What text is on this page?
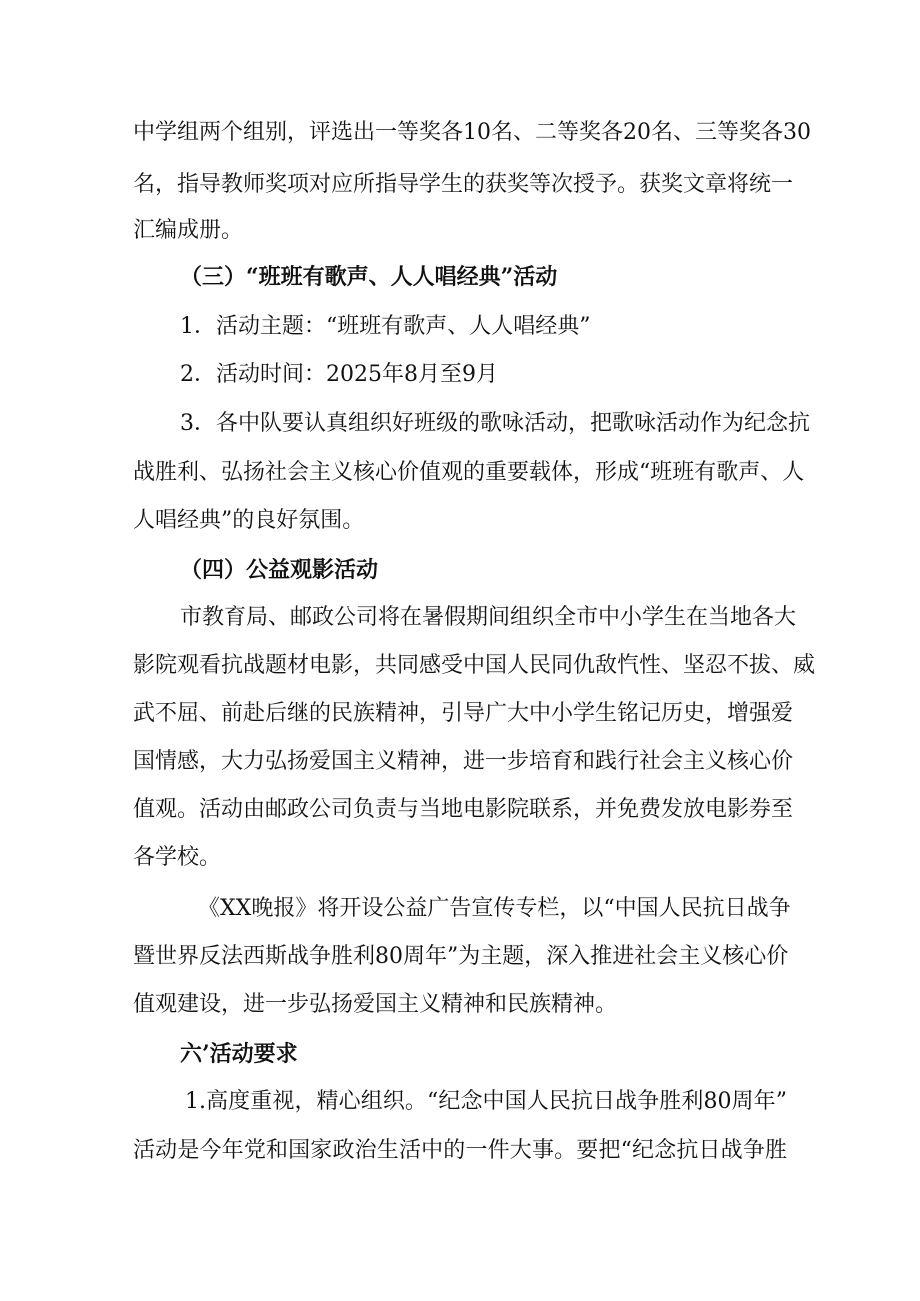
中学组两个组别，评选出一等奖各10名、二等奖各20名、三等奖各30
名，指导教师奖项对应所指导学生的获奖等次授予。获奖文章将统一
汇编成册。
（三）“班班有歌声、人人唱经典”活动
1．活动主题：“班班有歌声、人人唱经典”
2．活动时间：2025年8月至9月
3．各中队要认真组织好班级的歌咏活动，把歌咏活动作为纪念抗
战胜利、弘扬社会主义核心价值观的重要载体，形成“班班有歌声、人
人唱经典”的良好氛围。
（四）公益观影活动
市教育局、邮政公司将在暑假期间组织全市中小学生在当地各大
影院观看抗战题材电影，共同感受中国人民同仇敌忾性、坚忍不拔、威
武不屈、前赴后继的民族精神，引导广大中小学生铭记历史，增强爱
国情感，大力弘扬爱国主义精神，进一步培育和践行社会主义核心价
值观。活动由邮政公司负责与当地电影院联系，并免费发放电影券至
各学校。
《XX晚报》将开设公益广告宣传专栏，以“中国人民抗日战争
暨世界反法西斯战争胜利80周年”为主题，深入推进社会主义核心价
值观建设，进一步弘扬爱国主义精神和民族精神。
六’活动要求
1.高度重视，精心组织。“纪念中国人民抗日战争胜利80周年”
活动是今年党和国家政治生活中的一件大事。要把“纪念抗日战争胜
